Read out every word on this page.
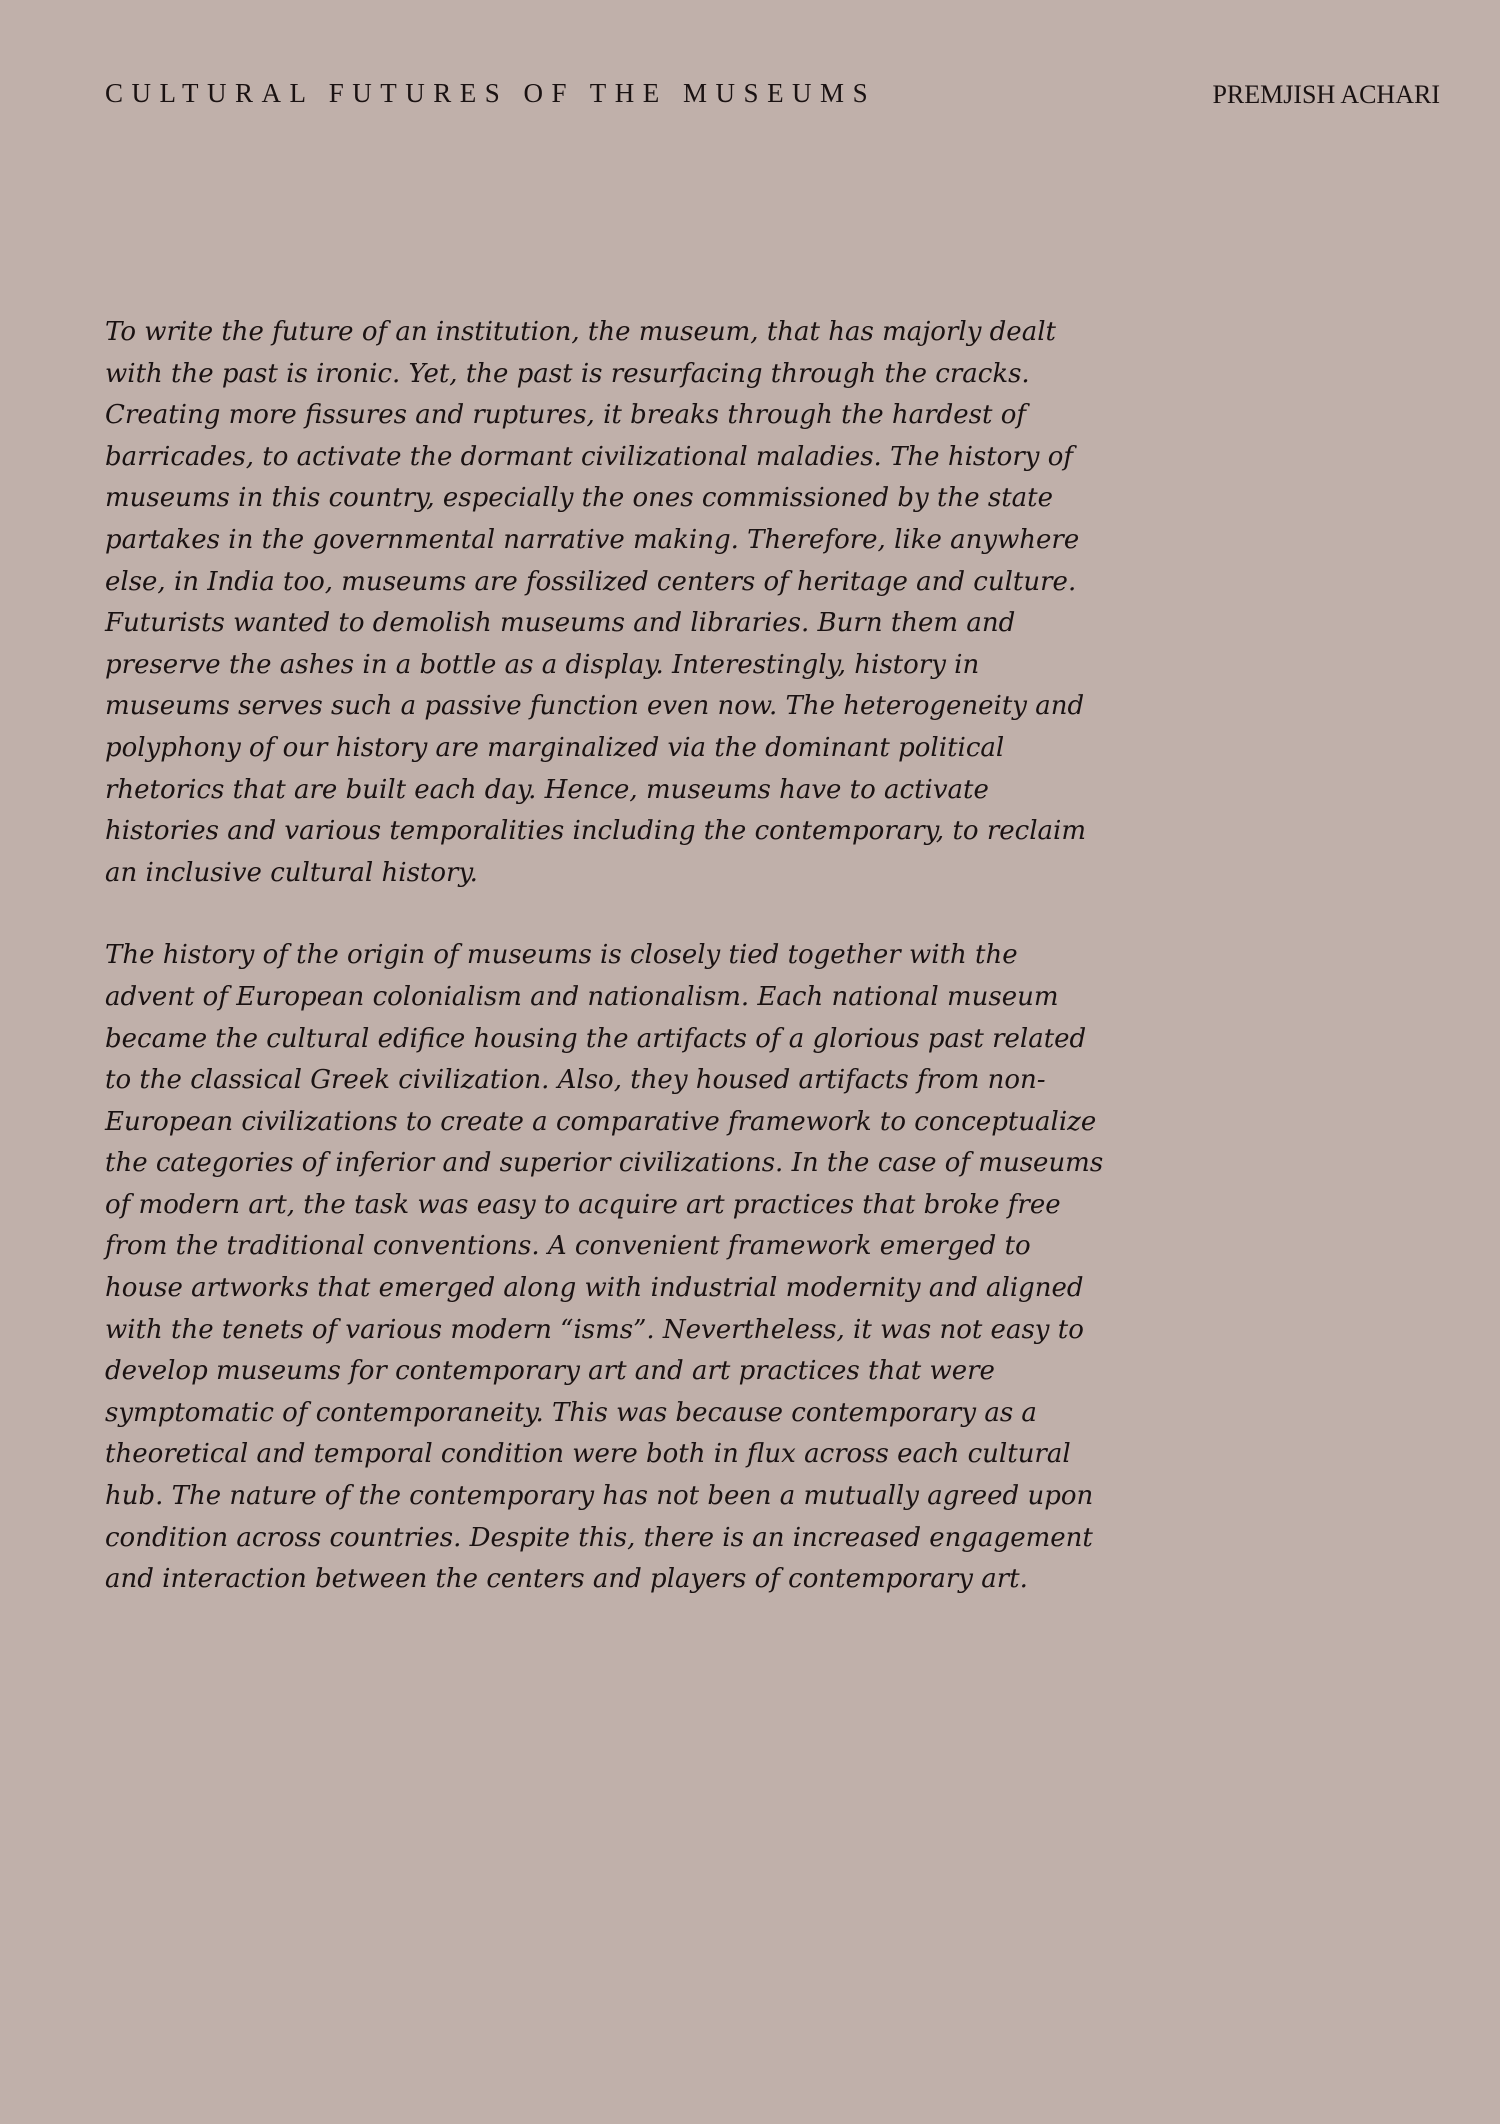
CULTURAL FUTURES OF THE MUSEUMS	PREMJISH ACHARI

To write the future of an institution, the museum, that has majorly dealt with the past is ironic. Yet, the past is resurfacing through the cracks. Creating more fissures and ruptures, it breaks through the hardest of barricades, to activate the dormant civilizational maladies. The history of museums in this country, especially the ones commissioned by the state partakes in the governmental narrative making. Therefore, like anywhere else, in India too, museums are fossilized centers of heritage and culture. Futurists wanted to demolish museums and libraries. Burn them and preserve the ashes in a bottle as a display. Interestingly, history in museums serves such a passive function even now. The heterogeneity and polyphony of our history are marginalized via the dominant political rhetorics that are built each day. Hence, museums have to activate histories and various temporalities including the contemporary, to reclaim an inclusive cultural history.

The history of the origin of museums is closely tied together with the advent of European colonialism and nationalism. Each national museum became the cultural edifice housing the artifacts of a glorious past related to the classical Greek civilization. Also, they housed artifacts from non-European civilizations to create a comparative framework to conceptualize the categories of inferior and superior civilizations. In the case of museums of modern art, the task was easy to acquire art practices that broke free from the traditional conventions. A convenient framework emerged to house artworks that emerged along with industrial modernity and aligned with the tenets of various modern “isms”. Nevertheless, it was not easy to develop museums for contemporary art and art practices that were symptomatic of contemporaneity. This was because contemporary as a theoretical and temporal condition were both in flux across each cultural hub. The nature of the contemporary has not been a mutually agreed upon condition across countries. Despite this, there is an increased engagement and interaction between the centers and players of contemporary art.
